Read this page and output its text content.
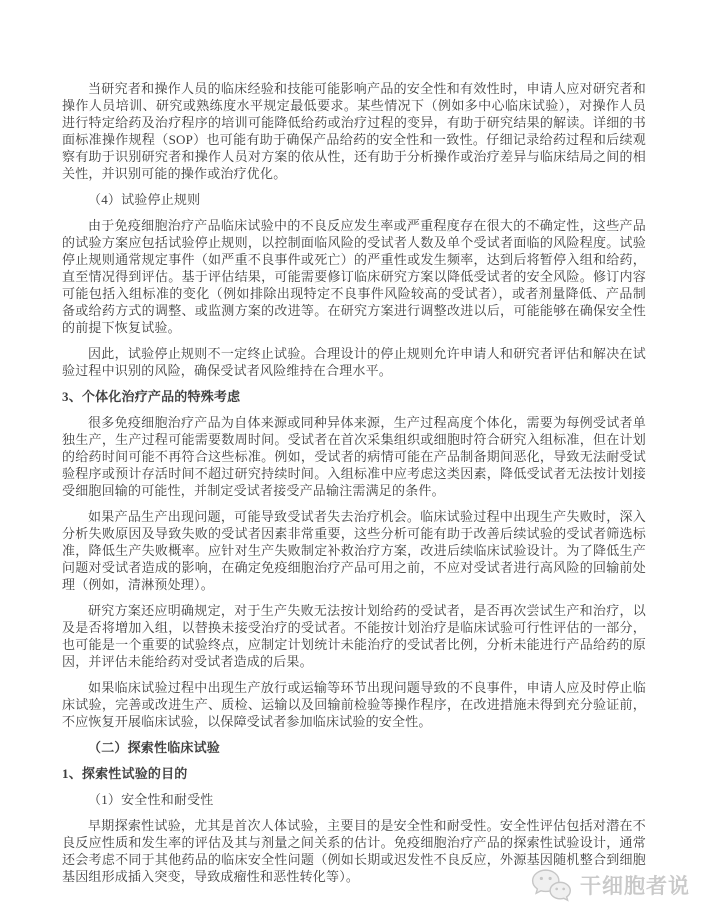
当研究者和操作人员的临床经验和技能可能影响产品的安全性和有效性时，申请人应对研究者和操作人员培训、研究或熟练度水平规定最低要求。某些情况下（例如多中心临床试验），对操作人员进行特定给药及治疗程序的培训可能降低给药或治疗过程的变异，有助于研究结果的解读。详细的书面标准操作规程（SOP）也可能有助于确保产品给药的安全性和一致性。仔细记录给药过程和后续观察有助于识别研究者和操作人员对方案的依从性，还有助于分析操作或治疗差异与临床结局之间的相关性，并识别可能的操作或治疗优化。

（4）试验停止规则

由于免疫细胞治疗产品临床试验中的不良反应发生率或严重程度存在很大的不确定性，这些产品的试验方案应包括试验停止规则，以控制面临风险的受试者人数及单个受试者面临的风险程度。试验停止规则通常规定事件（如严重不良事件或死亡）的严重性或发生频率，达到后将暂停入组和给药，直至情况得到评估。基于评估结果，可能需要修订临床研究方案以降低受试者的安全风险。修订内容可能包括入组标准的变化（例如排除出现特定不良事件风险较高的受试者），或者剂量降低、产品制备或给药方式的调整、或监测方案的改进等。在研究方案进行调整改进以后，可能能够在确保安全性的前提下恢复试验。

因此，试验停止规则不一定终止试验。合理设计的停止规则允许申请人和研究者评估和解决在试验过程中识别的风险，确保受试者风险维持在合理水平。

3、个体化治疗产品的特殊考虑

很多免疫细胞治疗产品为自体来源或同种异体来源，生产过程高度个体化，需要为每例受试者单独生产，生产过程可能需要数周时间。受试者在首次采集组织或细胞时符合研究入组标准，但在计划的给药时间可能不再符合这些标准。例如，受试者的病情可能在产品制备期间恶化，导致无法耐受试验程序或预计存活时间不超过研究持续时间。入组标准中应考虑这类因素，降低受试者无法按计划接受细胞回输的可能性，并制定受试者接受产品输注需满足的条件。

如果产品生产出现问题，可能导致受试者失去治疗机会。临床试验过程中出现生产失败时，深入分析失败原因及导致失败的受试者因素非常重要，这些分析可能有助于改善后续试验的受试者筛选标准，降低生产失败概率。应针对生产失败制定补救治疗方案，改进后续临床试验设计。为了降低生产问题对受试者造成的影响，在确定免疫细胞治疗产品可用之前，不应对受试者进行高风险的回输前处理（例如，清淋预处理）。

研究方案还应明确规定，对于生产失败无法按计划给药的受试者，是否再次尝试生产和治疗，以及是否将增加入组，以替换未接受治疗的受试者。不能按计划治疗是临床试验可行性评估的一部分，也可能是一个重要的试验终点，应制定计划统计未能治疗的受试者比例，分析未能进行产品给药的原因，并评估未能给药对受试者造成的后果。

如果临床试验过程中出现生产放行或运输等环节出现问题导致的不良事件，申请人应及时停止临床试验，完善或改进生产、质检、运输以及回输前检验等操作程序，在改进措施未得到充分验证前，不应恢复开展临床试验，以保障受试者参加临床试验的安全性。

（二）探索性临床试验

1、探索性试验的目的

（1）安全性和耐受性

早期探索性试验，尤其是首次人体试验，主要目的是安全性和耐受性。安全性评估包括对潜在不良反应性质和发生率的评估及其与剂量之间关系的估计。免疫细胞治疗产品的探索性试验设计，通常还会考虑不同于其他药品的临床安全性问题（例如长期或迟发性不良反应，外源基因随机整合到细胞基因组形成插入突变，导致成瘤性和恶性转化等）。	干细胞者说
